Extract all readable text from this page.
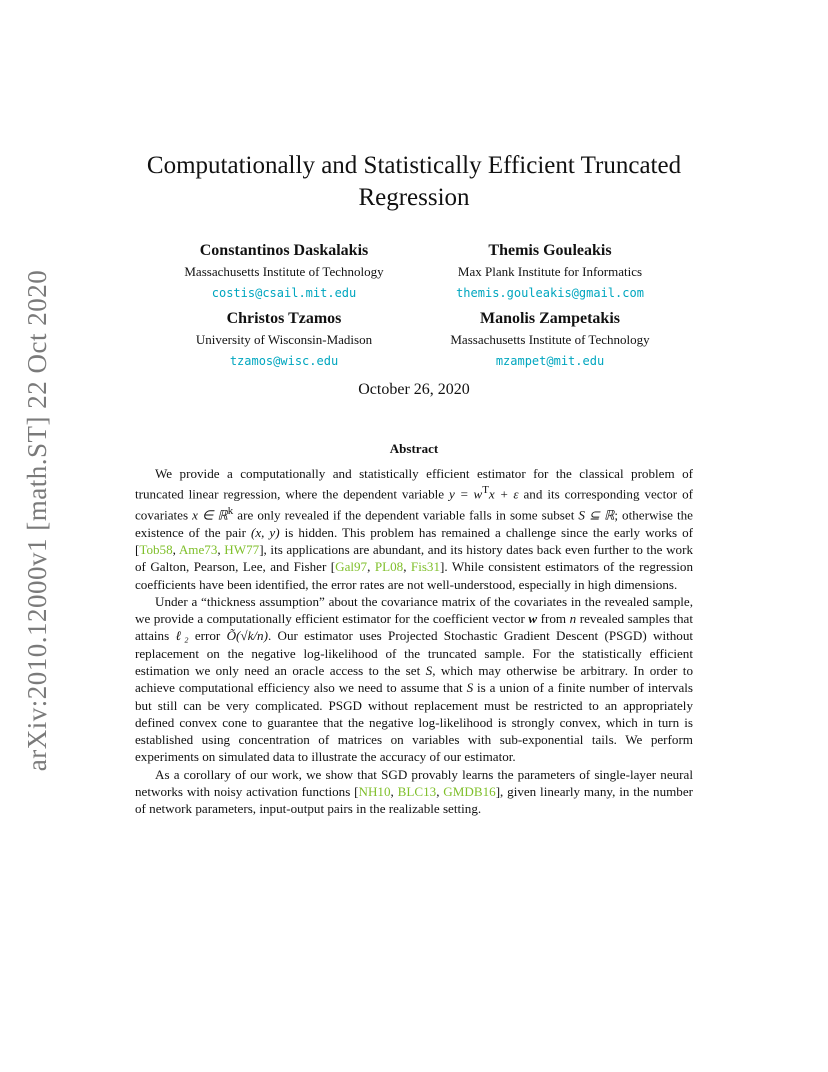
arXiv:2010.12000v1 [math.ST] 22 Oct 2020
Computationally and Statistically Efficient Truncated Regression
Constantinos Daskalakis
Massachusetts Institute of Technology
costis@csail.mit.edu
Themis Gouleakis
Max Plank Institute for Informatics
themis.gouleakis@gmail.com
Christos Tzamos
University of Wisconsin-Madison
tzamos@wisc.edu
Manolis Zampetakis
Massachusetts Institute of Technology
mzampet@mit.edu
October 26, 2020
Abstract

We provide a computationally and statistically efficient estimator for the classical problem of truncated linear regression, where the dependent variable $y = w^Tx + \varepsilon$ and its corresponding vector of covariates x ∈ ℝ$^k$ are only revealed if the dependent variable falls in some subset S ⊆ ℝ; otherwise the existence of the pair (x, y) is hidden. This problem has remained a challenge since the early works of [Tob58, Ame73, HW77], its applications are abundant, and its history dates back even further to the work of Galton, Pearson, Lee, and Fisher [Gal97, PL08, Fis31]. While consistent estimators of the regression coefficients have been identified, the error rates are not well-understood, especially in high dimensions.

Under a “thickness assumption” about the covariance matrix of the covariates in the revealed sample, we provide a computationally efficient estimator for the coefficient vector w from n revealed samples that attains ℓ₂ error Õ(√k/n). Our estimator uses Projected Stochastic Gradient Descent (PSGD) without replacement on the negative log-likelihood of the truncated sample. For the statistically efficient estimation we only need an oracle access to the set S, which may otherwise be arbitrary. In order to achieve computational efficiency also we need to assume that S is a union of a finite number of intervals but still can be very complicated. PSGD without replacement must be restricted to an appropriately defined convex cone to guarantee that the negative log-likelihood is strongly convex, which in turn is established using concentration of matrices on variables with sub-exponential tails. We perform experiments on simulated data to illustrate the accuracy of our estimator.

As a corollary of our work, we show that SGD provably learns the parameters of single-layer neural networks with noisy activation functions [NH10, BLC13, GMDB16], given linearly many, in the number of network parameters, input-output pairs in the realizable setting.
